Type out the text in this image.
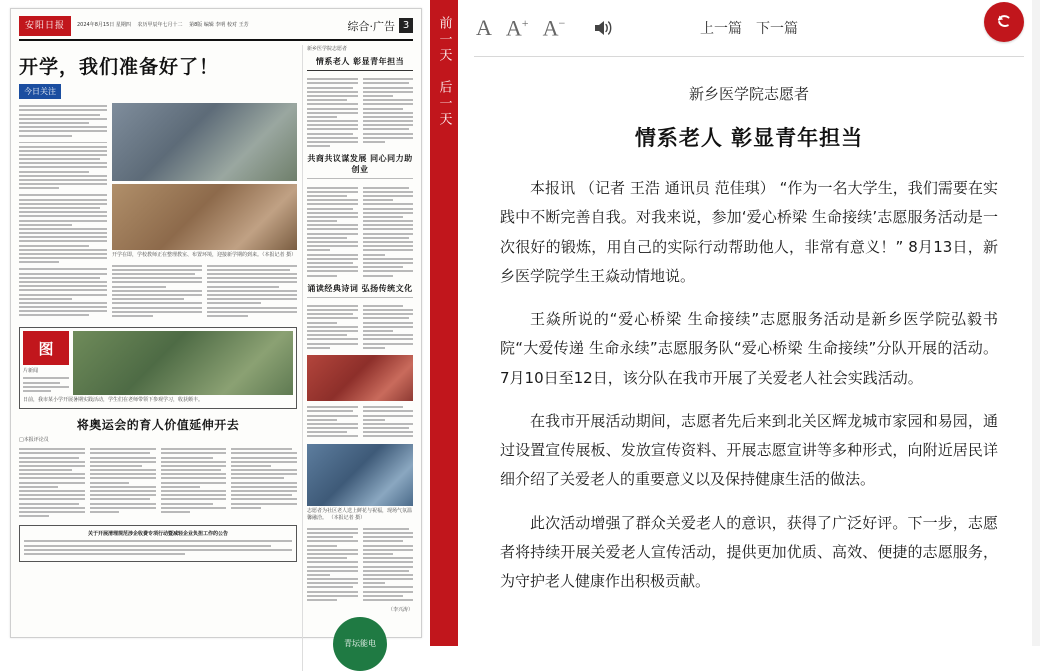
安阳日报	2024年8月15日 星期四 农历甲辰年七月十二 第8版 编辑 李明 校对 王芳	综合·广告 3
开学，我们准备好了！
今日关注
开学在即，学校教师正在整理教室、布置环境，迎接新学期的到来。（本报记者 摄）
图
片新闻
日前，我市某小学开展暑期实践活动，学生们在老师带领下参观学习，收获颇丰。
将奥运会的育人价值延伸开去
□本报评论员
关于开展清理规范涉企收费专项行动暨减轻企业负担工作的公告
新乡医学院志愿者
情系老人 彰显青年担当
共商共议谋发展 同心同力助创业
诵读经典诗词 弘扬传统文化
志愿者为社区老人送上鲜花与祝福，现场气氛温馨融洽。 （本报记者 摄）
（李兴涛）
青坛能电
前一天
后一天
A A+ A−	上一篇 下一篇
新乡医学院志愿者
情系老人 彰显青年担当

本报讯 （记者 王浩 通讯员 范佳琪） “作为一名大学生，我们需要在实践中不断完善自我。对我来说，参加‘爱心桥梁 生命接续’志愿服务活动是一次很好的锻炼，用自己的实际行动帮助他人，非常有意义！” 8月13日，新乡医学院学生王焱动情地说。

王焱所说的“爱心桥梁 生命接续”志愿服务活动是新乡医学院弘毅书院“大爱传递 生命永续”志愿服务队“爱心桥梁 生命接续”分队开展的活动。7月10日至12日，该分队在我市开展了关爱老人社会实践活动。

在我市开展活动期间，志愿者先后来到北关区辉龙城市家园和易园，通过设置宣传展板、发放宣传资料、开展志愿宣讲等多种形式，向附近居民详细介绍了关爱老人的重要意义以及保持健康生活的做法。

此次活动增强了群众关爱老人的意识，获得了广泛好评。下一步，志愿者将持续开展关爱老人宣传活动，提供更加优质、高效、便捷的志愿服务，为守护老人健康作出积极贡献。
